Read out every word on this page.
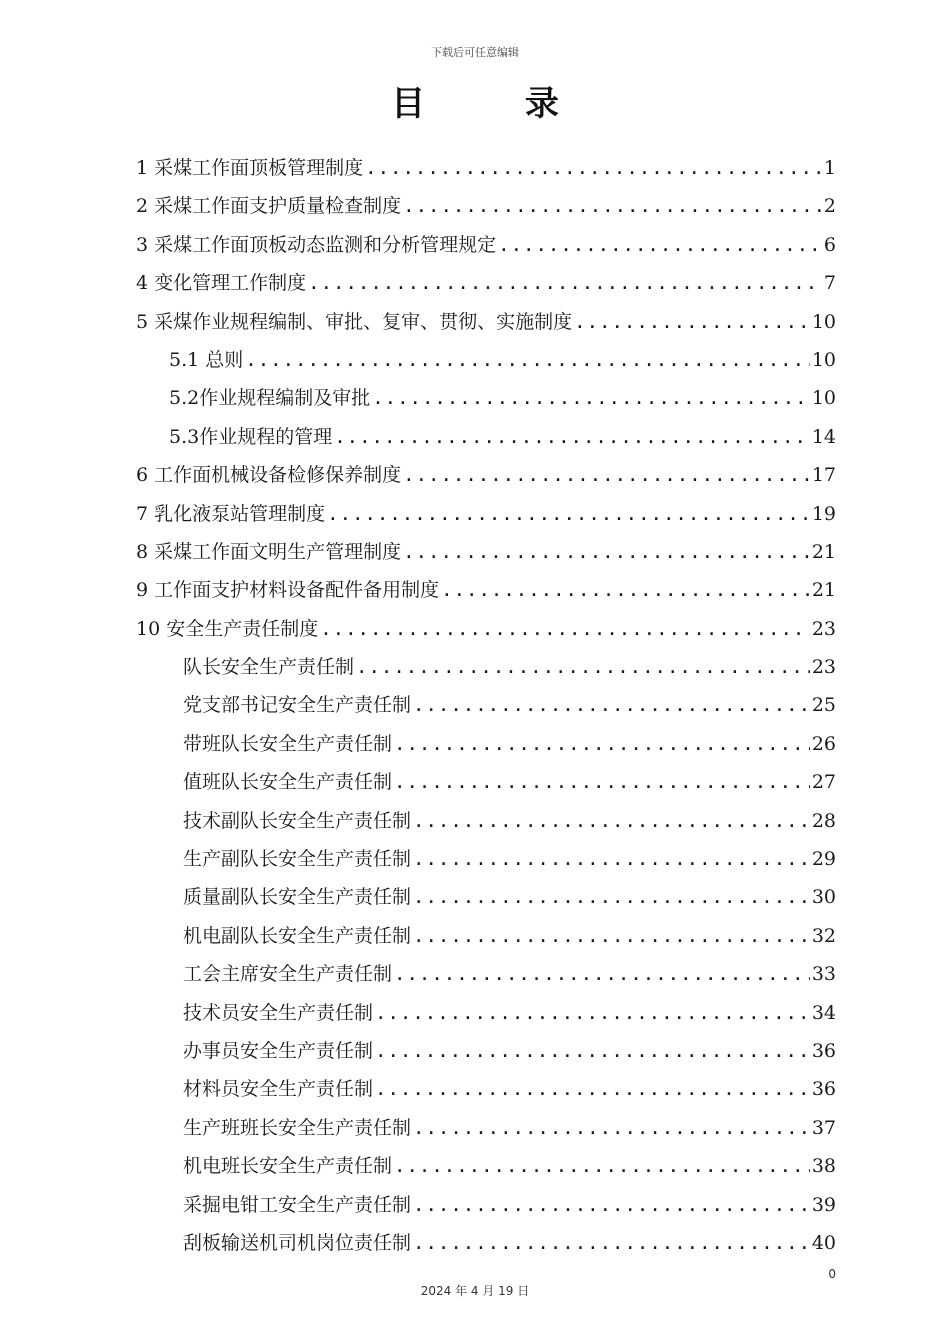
下载后可任意编辑
目 录
1 采煤工作面顶板管理制度 .....	1
2 采煤工作面支护质量检查制度 .....	2
3 采煤工作面顶板动态监测和分析管理规定 .....	6
4 变化管理工作制度 .....	7
5 采煤作业规程编制、审批、复审、贯彻、实施制度 .....	10
5.1 总则 .....	10
5.2作业规程编制及审批 .....	10
5.3作业规程的管理 .....	14
6 工作面机械设备检修保养制度 .....	17
7 乳化液泵站管理制度 .....	19
8 采煤工作面文明生产管理制度 .....	21
9 工作面支护材料设备配件备用制度 .....	21
10 安全生产责任制度 .....	23
队长安全生产责任制 .....	23
党支部书记安全生产责任制 .....	25
带班队长安全生产责任制 .....	26
值班队长安全生产责任制 .....	27
技术副队长安全生产责任制 .....	28
生产副队长安全生产责任制 .....	29
质量副队长安全生产责任制 .....	30
机电副队长安全生产责任制 .....	32
工会主席安全生产责任制 .....	33
技术员安全生产责任制 .....	34
办事员安全生产责任制 .....	36
材料员安全生产责任制 .....	36
生产班班长安全生产责任制 .....	37
机电班长安全生产责任制 .....	38
采掘电钳工安全生产责任制 .....	39
刮板输送机司机岗位责任制 .....	40
0
2024 年 4 月 19 日
